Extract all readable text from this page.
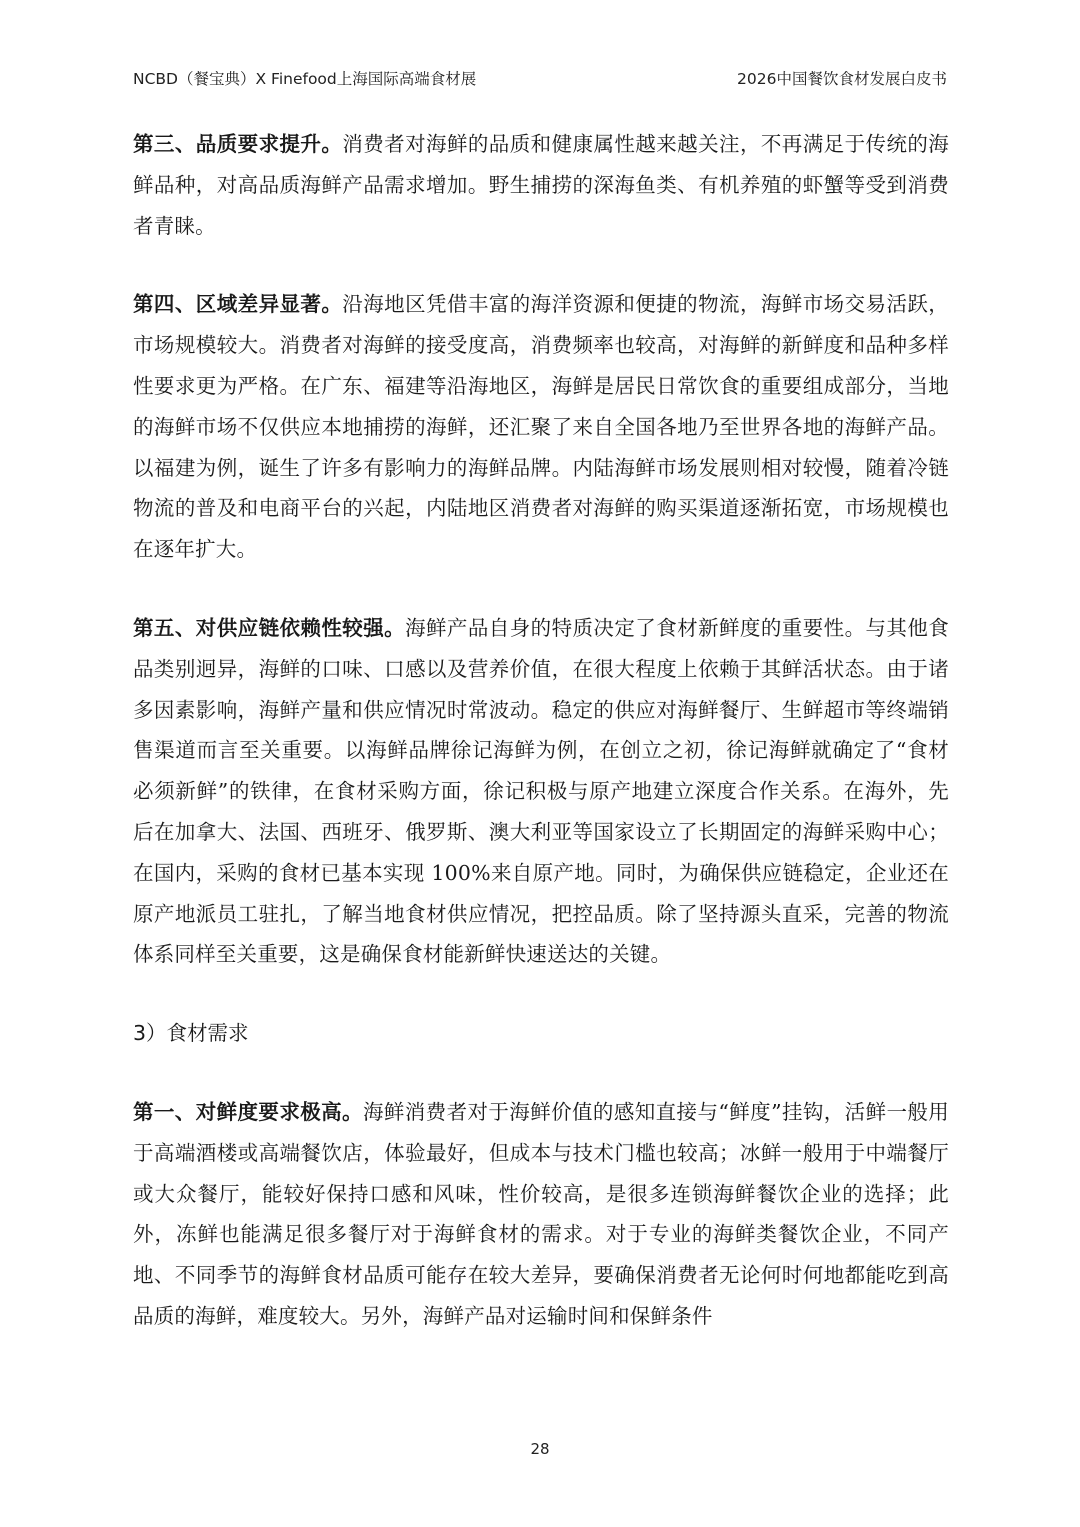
NCBD（餐宝典）X Finefood上海国际高端食材展	2026中国餐饮食材发展白皮书

第三、品质要求提升。消费者对海鲜的品质和健康属性越来越关注，不再满足于传统的海鲜品种，对高品质海鲜产品需求增加。野生捕捞的深海鱼类、有机养殖的虾蟹等受到消费者青睐。

第四、区域差异显著。沿海地区凭借丰富的海洋资源和便捷的物流，海鲜市场交易活跃，市场规模较大。消费者对海鲜的接受度高，消费频率也较高，对海鲜的新鲜度和品种多样性要求更为严格。在广东、福建等沿海地区，海鲜是居民日常饮食的重要组成部分，当地的海鲜市场不仅供应本地捕捞的海鲜，还汇聚了来自全国各地乃至世界各地的海鲜产品。以福建为例，诞生了许多有影响力的海鲜品牌。内陆海鲜市场发展则相对较慢，随着冷链物流的普及和电商平台的兴起，内陆地区消费者对海鲜的购买渠道逐渐拓宽，市场规模也在逐年扩大。

第五、对供应链依赖性较强。海鲜产品自身的特质决定了食材新鲜度的重要性。与其他食品类别迥异，海鲜的口味、口感以及营养价值，在很大程度上依赖于其鲜活状态。由于诸多因素影响，海鲜产量和供应情况时常波动。稳定的供应对海鲜餐厅、生鲜超市等终端销售渠道而言至关重要。以海鲜品牌徐记海鲜为例，在创立之初，徐记海鲜就确定了“食材必须新鲜”的铁律，在食材采购方面，徐记积极与原产地建立深度合作关系。在海外，先后在加拿大、法国、西班牙、俄罗斯、澳大利亚等国家设立了长期固定的海鲜采购中心；在国内，采购的食材已基本实现 100%来自原产地。同时，为确保供应链稳定，企业还在原产地派员工驻扎，了解当地食材供应情况，把控品质。除了坚持源头直采，完善的物流体系同样至关重要，这是确保食材能新鲜快速送达的关键。

3）食材需求

第一、对鲜度要求极高。海鲜消费者对于海鲜价值的感知直接与“鲜度”挂钩，活鲜一般用于高端酒楼或高端餐饮店，体验最好，但成本与技术门槛也较高；冰鲜一般用于中端餐厅或大众餐厅，能较好保持口感和风味，性价较高，是很多连锁海鲜餐饮企业的选择；此外，冻鲜也能满足很多餐厅对于海鲜食材的需求。对于专业的海鲜类餐饮企业，不同产地、不同季节的海鲜食材品质可能存在较大差异，要确保消费者无论何时何地都能吃到高品质的海鲜，难度较大。另外，海鲜产品对运输时间和保鲜条件

28
